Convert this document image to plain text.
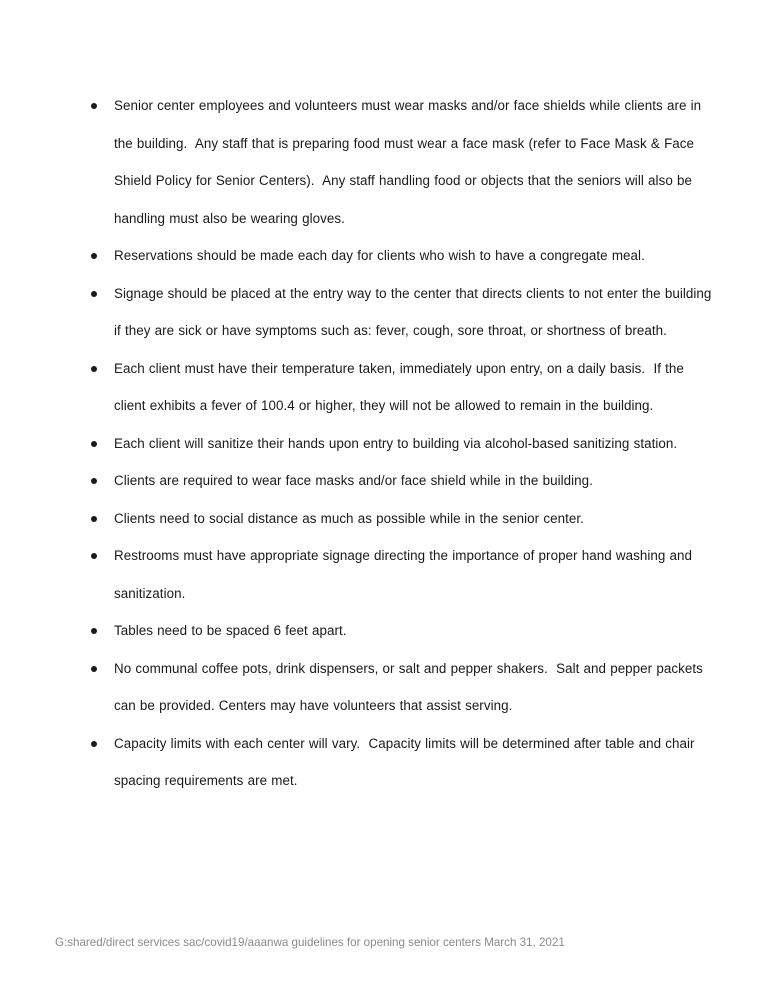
Senior center employees and volunteers must wear masks and/or face shields while clients are in the building.  Any staff that is preparing food must wear a face mask (refer to Face Mask & Face Shield Policy for Senior Centers).  Any staff handling food or objects that the seniors will also be handling must also be wearing gloves.
Reservations should be made each day for clients who wish to have a congregate meal.
Signage should be placed at the entry way to the center that directs clients to not enter the building if they are sick or have symptoms such as: fever, cough, sore throat, or shortness of breath.
Each client must have their temperature taken, immediately upon entry, on a daily basis.  If the client exhibits a fever of 100.4 or higher, they will not be allowed to remain in the building.
Each client will sanitize their hands upon entry to building via alcohol-based sanitizing station.
Clients are required to wear face masks and/or face shield while in the building.
Clients need to social distance as much as possible while in the senior center.
Restrooms must have appropriate signage directing the importance of proper hand washing and sanitization.
Tables need to be spaced 6 feet apart.
No communal coffee pots, drink dispensers, or salt and pepper shakers.  Salt and pepper packets can be provided. Centers may have volunteers that assist serving.
Capacity limits with each center will vary.  Capacity limits will be determined after table and chair spacing requirements are met.
G:shared/direct services sac/covid19/aaanwa guidelines for opening senior centers March 31, 2021
